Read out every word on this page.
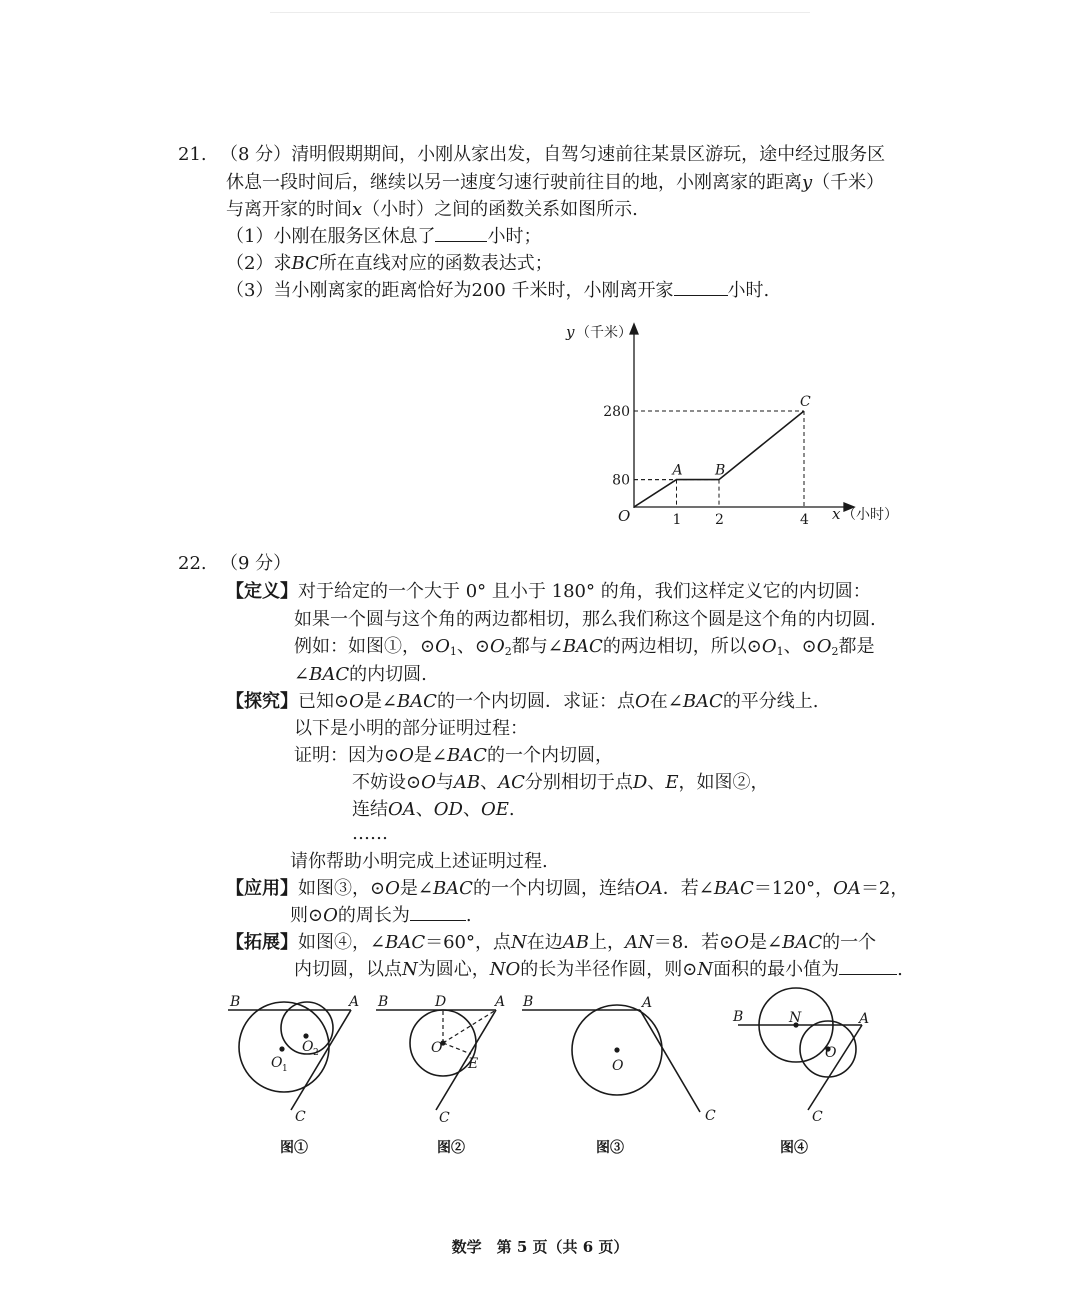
21. （8 分）清明假期期间，小刚从家出发，自驾匀速前往某景区游玩，途中经过服务区
休息一段时间后，继续以另一速度匀速行驶前往目的地，小刚离家的距离y（千米）
与离开家的时间x（小时）之间的函数关系如图所示.
（1）小刚在服务区休息了	小时；
（2）求BC所在直线对应的函数表达式；
（3）当小刚离家的距离恰好为200 千米时，小刚离开家	小时.
A B
C
O	1 2	4
80
280
y （千米）
x （小时）
22. （9 分）
【定义】对于给定的一个大于 0° 且小于 180° 的角，我们这样定义它的内切圆：
如果一个圆与这个角的两边都相切，那么我们称这个圆是这个角的内切圆.
例如：如图①，$⊙O_1$、$⊙O_2$都与∠BAC的两边相切，所以$⊙O_1$、$⊙O_2$都是
∠BAC的内切圆.
【探究】已知⊙O是∠BAC的一个内切圆．求证：点O在∠BAC的平分线上.
以下是小明的部分证明过程：
证明：因为⊙O是∠BAC的一个内切圆，
不妨设⊙O与AB、AC分别相切于点D、E，如图②，
连结OA、OD、OE.
……
请你帮助小明完成上述证明过程.
【应用】如图③，⊙O是∠BAC的一个内切圆，连结OA．若∠BAC＝120°，OA＝2，
则⊙O的周长为	.
【拓展】如图④，∠BAC＝60°，点N在边AB上，AN＝8．若⊙O是∠BAC的一个
内切圆，以点N为圆心，NO的长为半径作圆，则⊙N面积的最小值为	.
B	A
C
O 1
O 2
B	D	A
O
E
C
B	A
O
C
B	N	A
O
C
图①	图②	图③	图④
数学　第 5 页（共 6 页）
